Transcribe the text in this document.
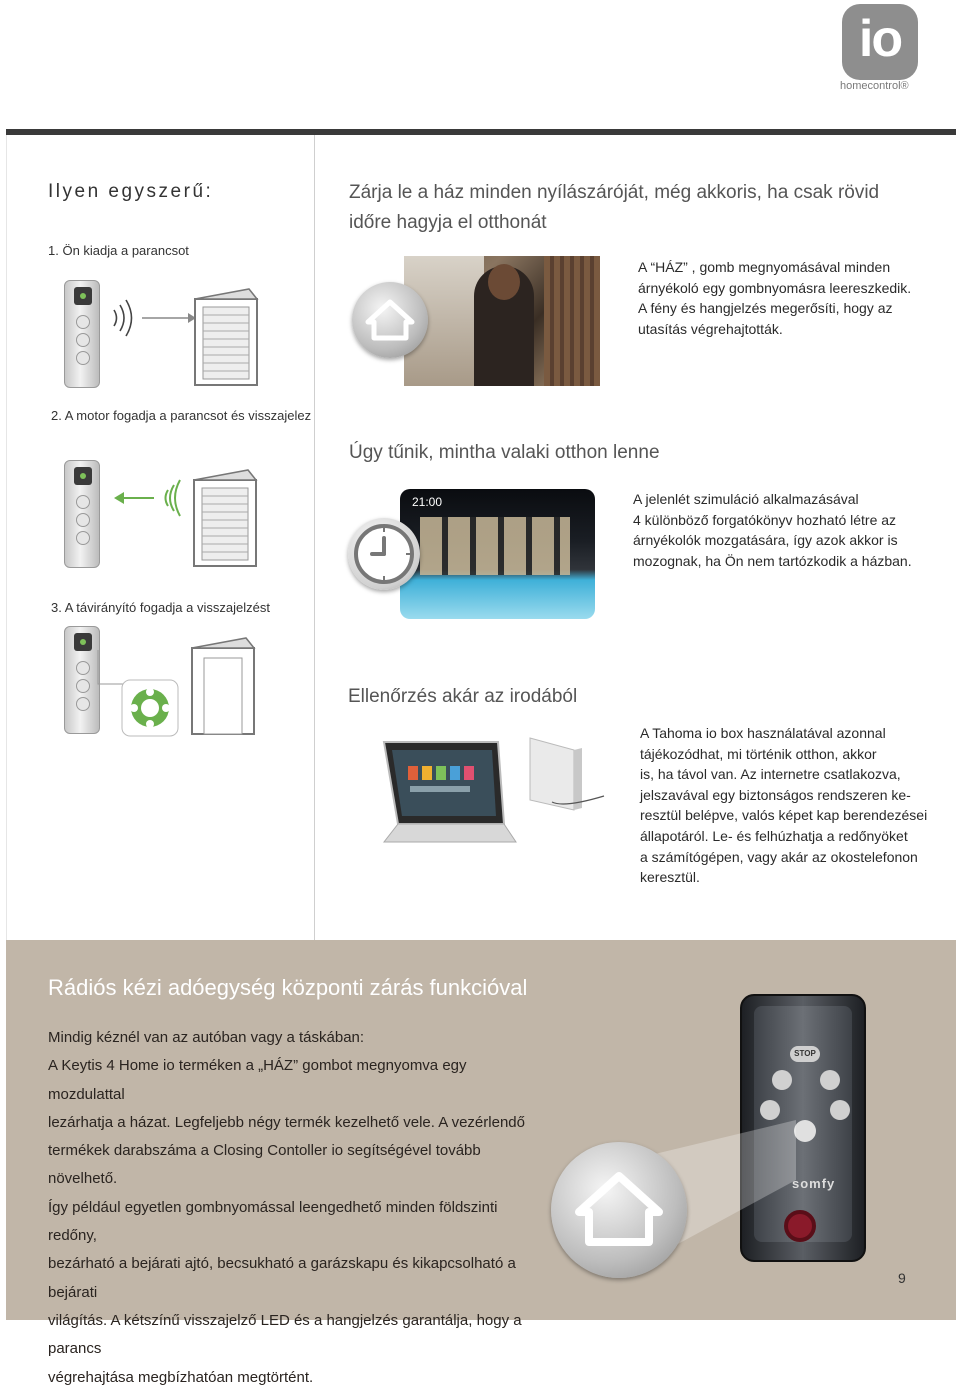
io
homecontrol®
Ilyen egyszerű:
1. Ön kiadja a parancsot
2. A motor fogadja a parancsot és visszajelez
3. A távirányító fogadja a visszajelzést
Zárja le a ház minden nyílászáróját, még akkoris, ha csak rövid időre hagyja el otthonát
A “HÁZ” , gomb megnyomásával minden
árnyékoló egy gombnyomásra leereszkedik.
A fény és hangjelzés megerősíti, hogy az
utasítás végrehajtották.
Úgy tűnik, mintha valaki otthon lenne
21:00	A jelenlét szimuláció alkalmazásával
4 különböző forgatókönyv hozható létre az
árnyékolók mozgatására, így azok akkor is
mozognak, ha Ön nem tartózkodik a házban.
Ellenőrzés akár az irodából
A Tahoma io box használatával azonnal
tájékozódhat, mi történik otthon, akkor
is, ha távol van. Az internetre csatlakozva,
jelszavával egy biztonságos rendszeren ke-
resztül belépve, valós képet kap berendezései
állapotáról. Le- és felhúzhatja a redőnyöket
a számítógépen, vagy akár az okostelefonon
keresztül.
Rádiós kézi adóegység központi zárás funkcióval
Mindig kéznél van az autóban vagy a táskában:
A Keytis 4 Home io terméken a „HÁZ” gombot megnyomva egy mozdulattal
lezárhatja a házat. Legfeljebb négy termék kezelhető vele. A vezérlendő
termékek darabszáma a Closing Contoller io segítségével tovább növelhető.
Így például egyetlen gombnyomással leengedhető minden földszinti redőny,
bezárható a bejárati ajtó, becsukható a garázskapu és kikapcsolható a bejárati
világítás. A kétszínű visszajelző LED és a hangjelzés garantálja, hogy a parancs
végrehajtása megbízhatóan megtörtént.
STOP
somfy
9
